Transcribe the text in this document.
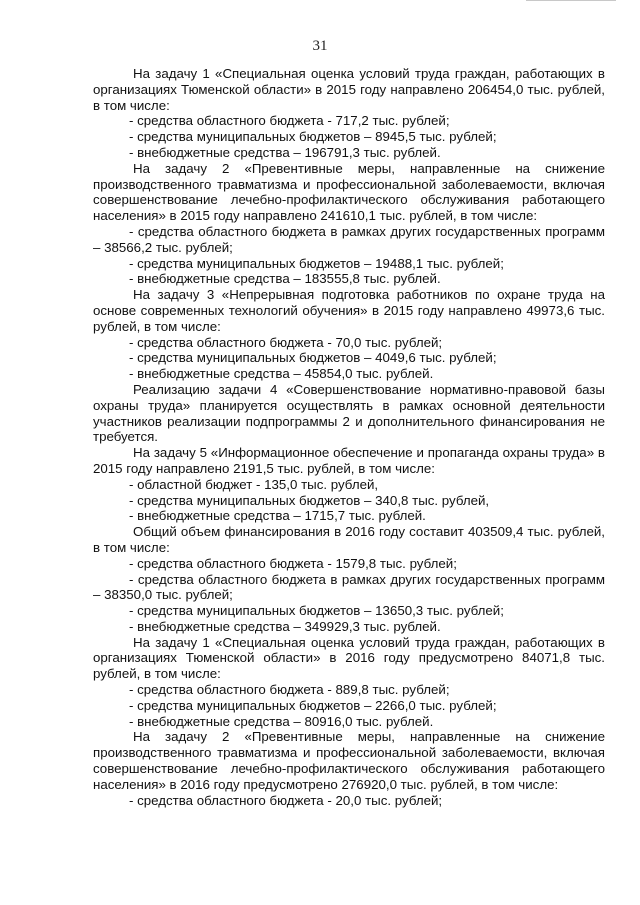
31

На задачу 1 «Специальная оценка условий труда граждан, работающих в организациях Тюменской области» в 2015 году направлено 206454,0 тыс. рублей, в том числе:

- средства областного бюджета - 717,2 тыс. рублей;

- средства муниципальных бюджетов – 8945,5 тыс. рублей;

- внебюджетные средства – 196791,3 тыс. рублей.

На задачу 2 «Превентивные меры, направленные на снижение производственного травматизма и профессиональной заболеваемости, включая совершенствование лечебно-профилактического обслуживания работающего населения» в 2015 году направлено 241610,1 тыс. рублей, в том числе:

- средства областного бюджета в рамках других государственных программ – 38566,2 тыс. рублей;

- средства муниципальных бюджетов – 19488,1 тыс. рублей;

- внебюджетные средства – 183555,8 тыс. рублей.

На задачу 3 «Непрерывная подготовка работников по охране труда на основе современных технологий обучения» в 2015 году направлено 49973,6 тыс. рублей, в том числе:

- средства областного бюджета - 70,0 тыс. рублей;

- средства муниципальных бюджетов – 4049,6 тыс. рублей;

- внебюджетные средства – 45854,0 тыс. рублей.

Реализацию задачи 4 «Совершенствование нормативно-правовой базы охраны труда» планируется осуществлять в рамках основной деятельности участников реализации подпрограммы 2 и дополнительного финансирования не требуется.

На задачу 5 «Информационное обеспечение и пропаганда охраны труда» в 2015 году направлено 2191,5 тыс. рублей, в том числе:

- областной бюджет - 135,0 тыс. рублей,

- средства муниципальных бюджетов – 340,8 тыс. рублей,

- внебюджетные средства – 1715,7 тыс. рублей.

Общий объем финансирования в 2016 году составит 403509,4 тыс. рублей, в том числе:

- средства областного бюджета - 1579,8 тыс. рублей;

- средства областного бюджета в рамках других государственных программ – 38350,0 тыс. рублей;

- средства муниципальных бюджетов – 13650,3 тыс. рублей;

- внебюджетные средства – 349929,3 тыс. рублей.

На задачу 1 «Специальная оценка условий труда граждан, работающих в организациях Тюменской области» в 2016 году предусмотрено 84071,8 тыс. рублей, в том числе:

- средства областного бюджета - 889,8 тыс. рублей;

- средства муниципальных бюджетов – 2266,0 тыс. рублей;

- внебюджетные средства – 80916,0 тыс. рублей.

На задачу 2 «Превентивные меры, направленные на снижение производственного травматизма и профессиональной заболеваемости, включая совершенствование лечебно-профилактического обслуживания работающего населения» в 2016 году предусмотрено 276920,0 тыс. рублей, в том числе:

- средства областного бюджета - 20,0 тыс. рублей;
